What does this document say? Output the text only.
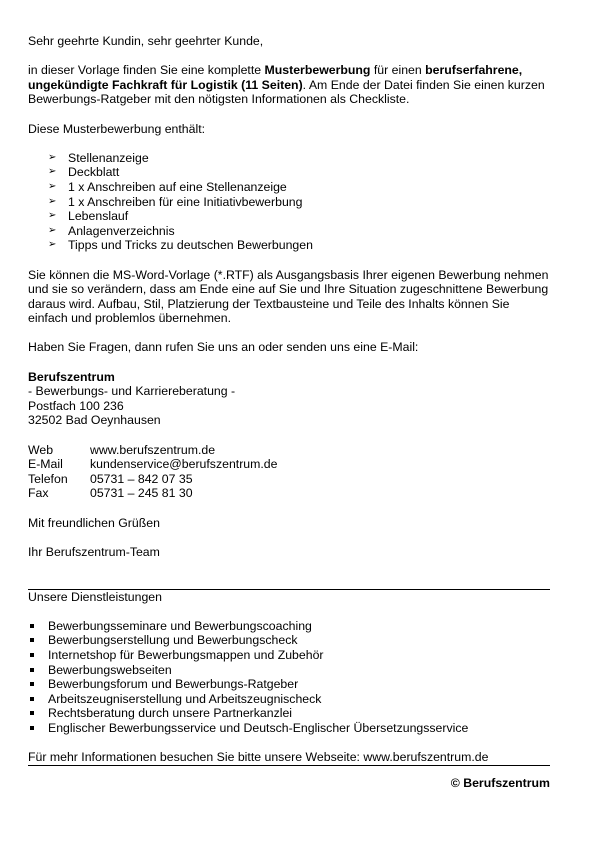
Sehr geehrte Kundin, sehr geehrter Kunde,

in dieser Vorlage finden Sie eine komplette Musterbewerbung für einen berufserfahrene, ungekündigte Fachkraft für Logistik (11 Seiten). Am Ende der Datei finden Sie einen kurzen Bewerbungs-Ratgeber mit den nötigsten Informationen als Checkliste.

Diese Musterbewerbung enthält:

➢ Stellenanzeige
➢ Deckblatt
➢ 1 x Anschreiben auf eine Stellenanzeige
➢ 1 x Anschreiben für eine Initiativbewerbung
➢ Lebenslauf
➢ Anlagenverzeichnis
➢ Tipps und Tricks zu deutschen Bewerbungen

Sie können die MS-Word-Vorlage (*.RTF) als Ausgangsbasis Ihrer eigenen Bewerbung nehmen und sie so verändern, dass am Ende eine auf Sie und Ihre Situation zugeschnittene Bewerbung daraus wird. Aufbau, Stil, Platzierung der Textbausteine und Teile des Inhalts können Sie einfach und problemlos übernehmen.

Haben Sie Fragen, dann rufen Sie uns an oder senden uns eine E-Mail:

Berufszentrum

- Bewerbungs- und Karriereberatung -

Postfach 100 236

32502 Bad Oeynhausen

Web	www.berufszentrum.de
E-Mail	kundenservice@berufszentrum.de
Telefon	05731 – 842 07 35
Fax	05731 – 245 81 30

Mit freundlichen Grüßen

Ihr Berufszentrum-Team

Unsere Dienstleistungen

Bewerbungsseminare und Bewerbungscoaching
Bewerbungserstellung und Bewerbungscheck
Internetshop für Bewerbungsmappen und Zubehör
Bewerbungswebseiten
Bewerbungsforum und Bewerbungs-Ratgeber
Arbeitszeugniserstellung und Arbeitszeugnischeck
Rechtsberatung durch unsere Partnerkanzlei
Englischer Bewerbungsservice und Deutsch-Englischer Übersetzungsservice

Für mehr Informationen besuchen Sie bitte unsere Webseite: www.berufszentrum.de

© Berufszentrum
